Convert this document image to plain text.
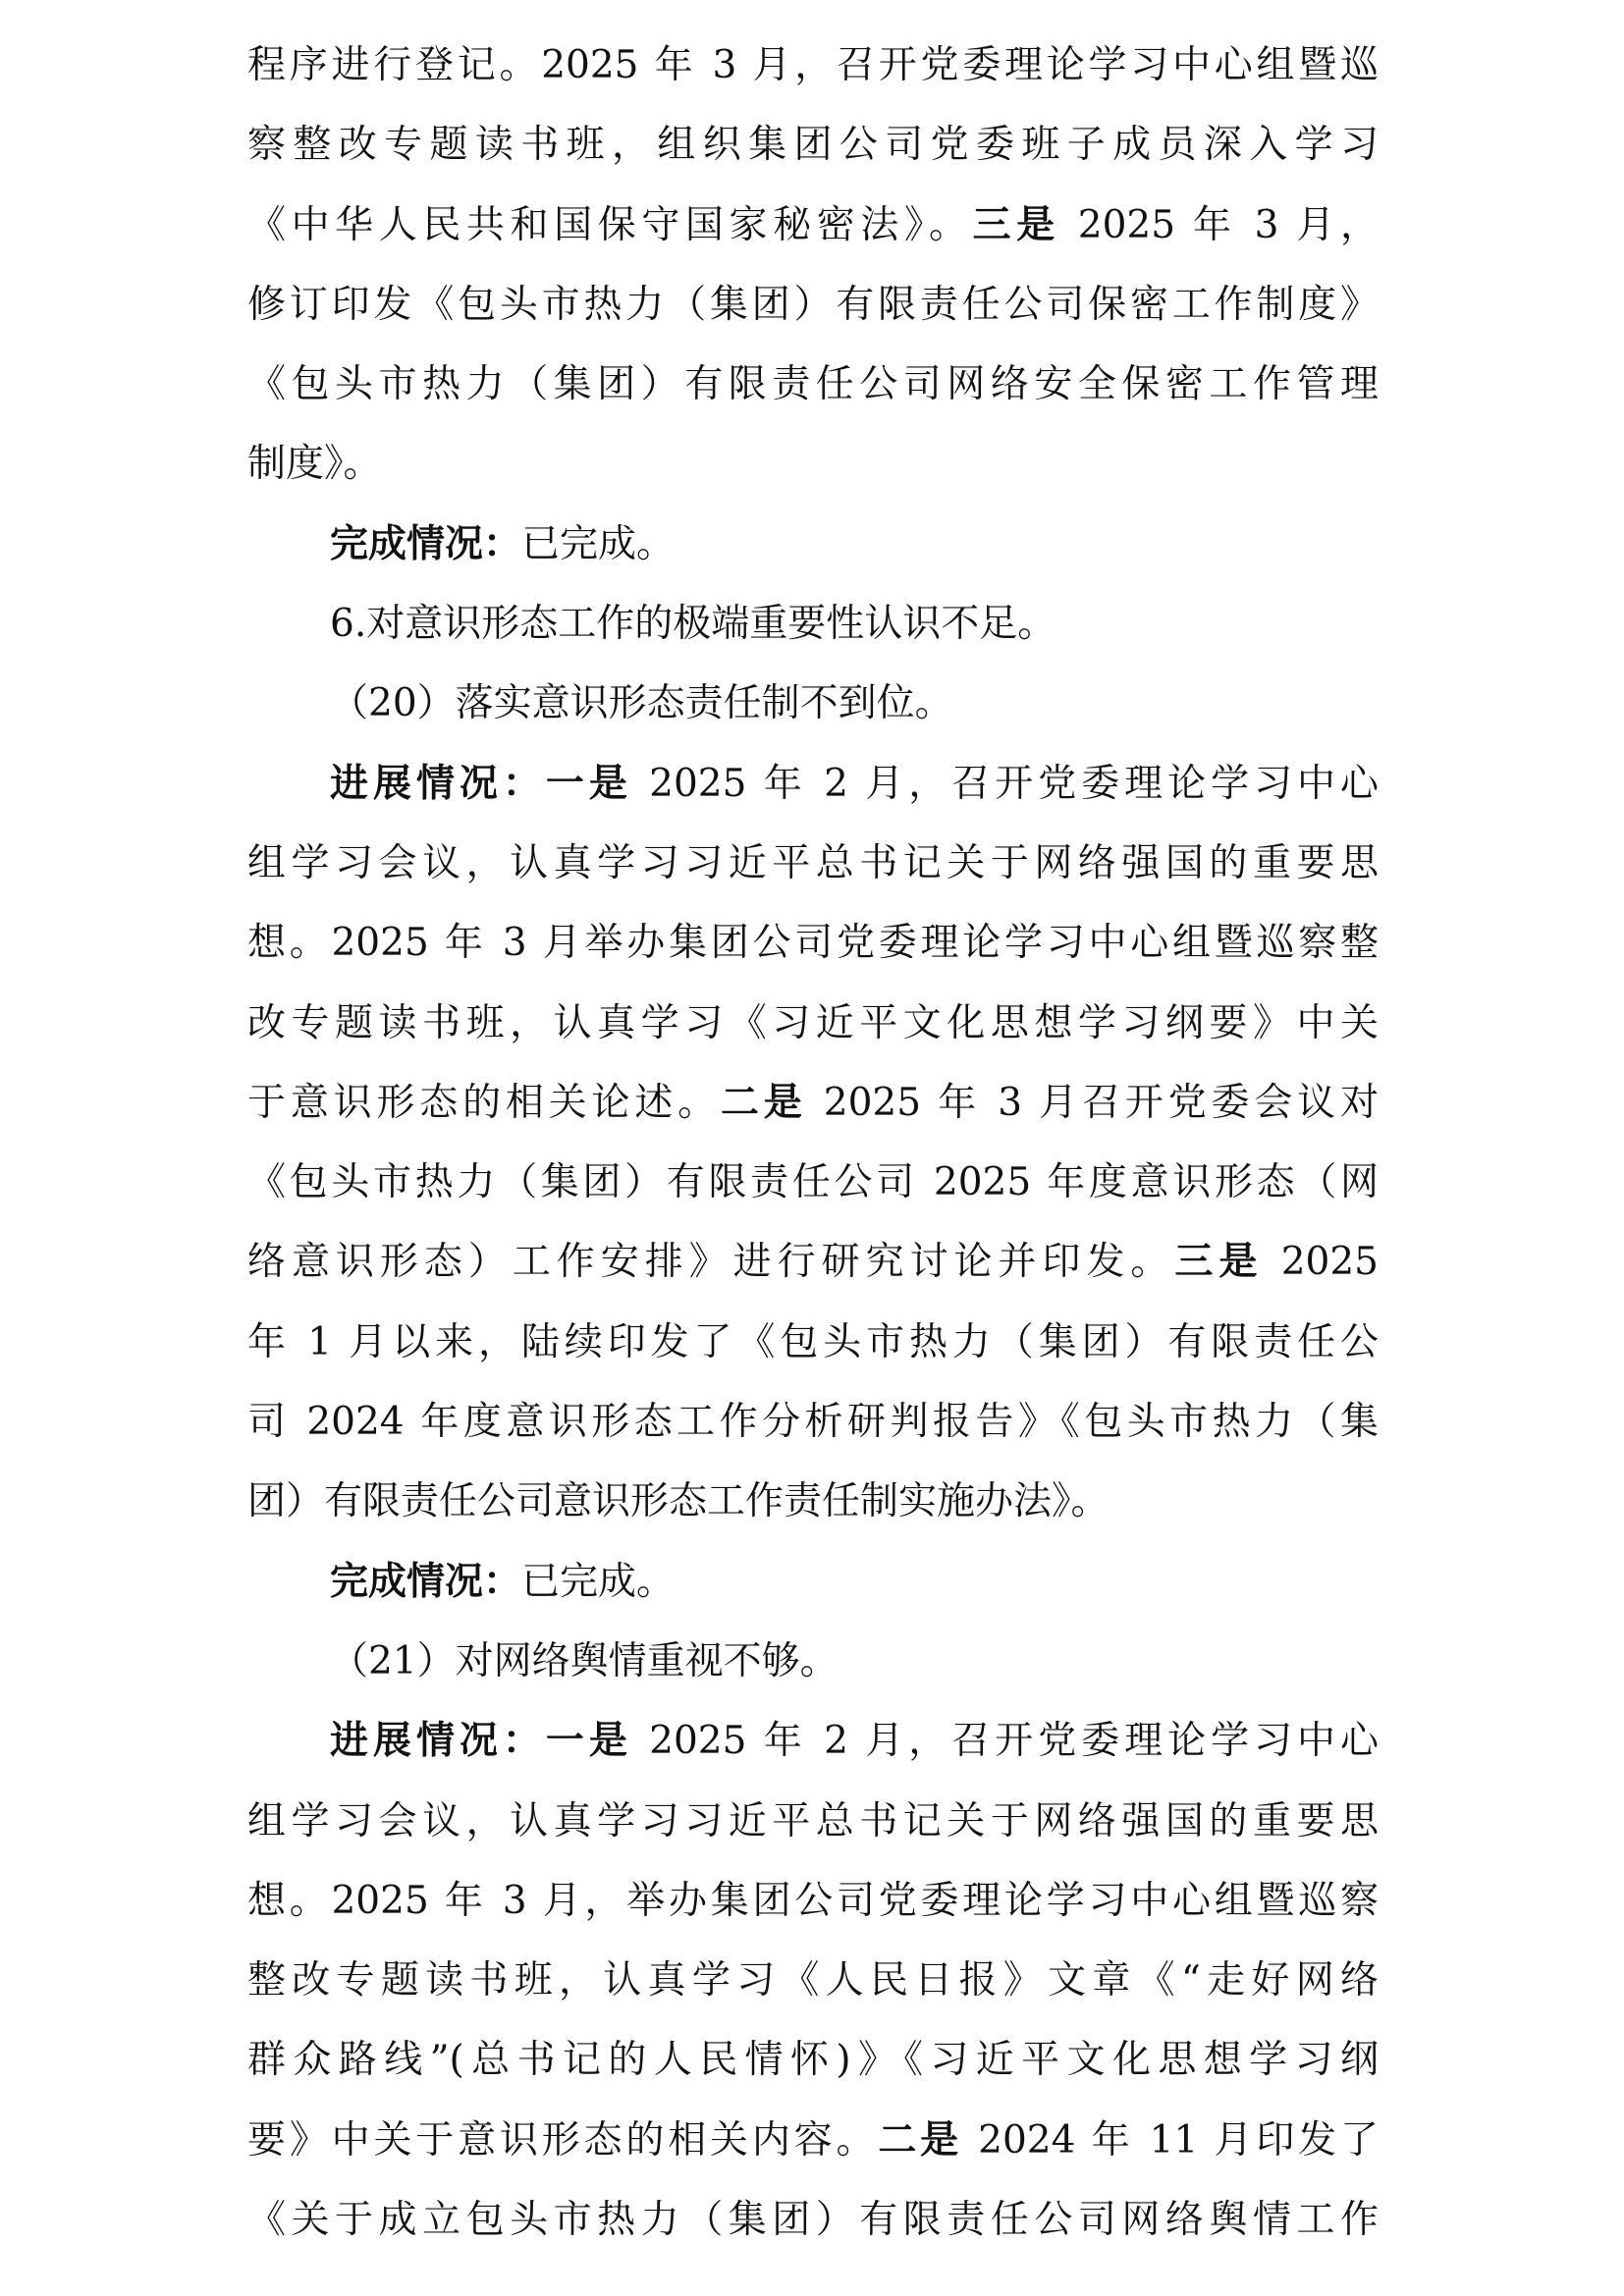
程序进行登记。2025 年 3 月，召开党委理论学习中心组暨巡
察整改专题读书班，组织集团公司党委班子成员深入学习
《中华人民共和国保守国家秘密法》。三是 2025 年 3 月，
修订印发《包头市热力（集团）有限责任公司保密工作制度》
《包头市热力（集团）有限责任公司网络安全保密工作管理
制度》。
完成情况：已完成。
6.对意识形态工作的极端重要性认识不足。
（20）落实意识形态责任制不到位。
进展情况：一是 2025 年 2 月，召开党委理论学习中心
组学习会议，认真学习习近平总书记关于网络强国的重要思
想。2025 年 3 月举办集团公司党委理论学习中心组暨巡察整
改专题读书班，认真学习《习近平文化思想学习纲要》中关
于意识形态的相关论述。二是 2025 年 3 月召开党委会议对
《包头市热力（集团）有限责任公司 2025 年度意识形态（网
络意识形态）工作安排》进行研究讨论并印发。三是 2025
年 1 月以来，陆续印发了《包头市热力（集团）有限责任公
司 2024 年度意识形态工作分析研判报告》《包头市热力（集
团）有限责任公司意识形态工作责任制实施办法》。
完成情况：已完成。
（21）对网络舆情重视不够。
进展情况：一是 2025 年 2 月，召开党委理论学习中心
组学习会议，认真学习习近平总书记关于网络强国的重要思
想。2025 年 3 月，举办集团公司党委理论学习中心组暨巡察
整改专题读书班，认真学习《人民日报》文章《“走好网络
群众路线”(总书记的人民情怀)》《习近平文化思想学习纲
要》中关于意识形态的相关内容。二是 2024 年 11 月印发了
《关于成立包头市热力（集团）有限责任公司网络舆情工作
